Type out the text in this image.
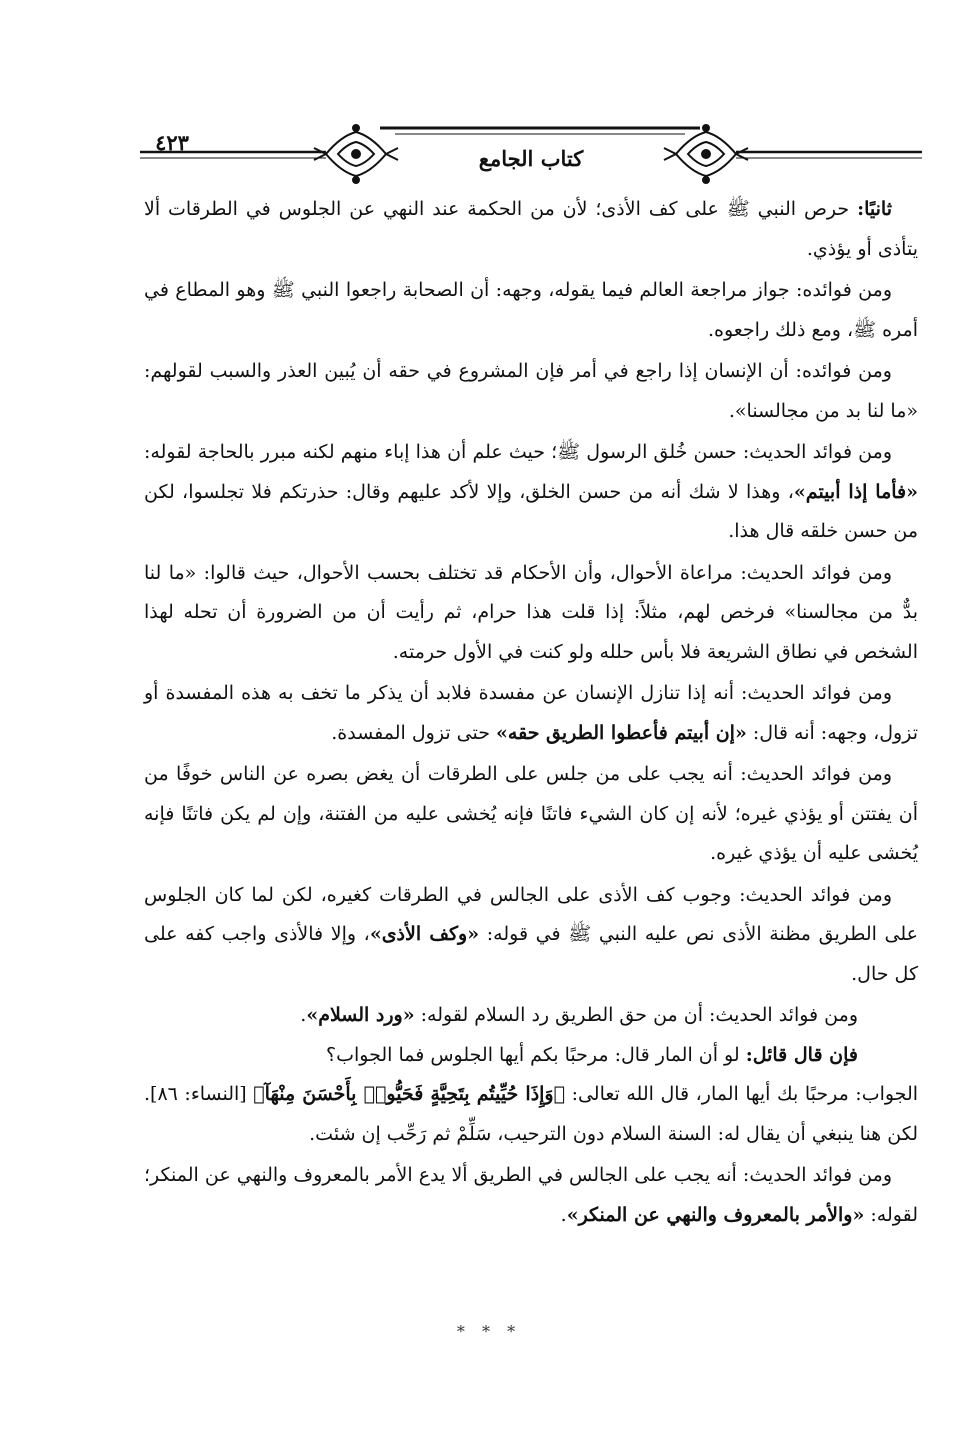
كتاب الجامع
٤٢٣

ثانيًا: حرص النبي ﷺ على كف الأذى؛ لأن من الحكمة عند النهي عن الجلوس في الطرقات ألا يتأذى أو يؤذي.

ومن فوائده: جواز مراجعة العالم فيما يقوله، وجهه: أن الصحابة راجعوا النبي ﷺ وهو المطاع في أمره ﷺ، ومع ذلك راجعوه.

ومن فوائده: أن الإنسان إذا راجع في أمر فإن المشروع في حقه أن يُبين العذر والسبب لقولهم: «ما لنا بد من مجالسنا».

ومن فوائد الحديث: حسن خُلق الرسول ﷺ؛ حيث علم أن هذا إباء منهم لكنه مبرر بالحاجة لقوله: «فأما إذا أبيتم»، وهذا لا شك أنه من حسن الخلق، وإلا لأكد عليهم وقال: حذرتكم فلا تجلسوا، لكن من حسن خلقه قال هذا.

ومن فوائد الحديث: مراعاة الأحوال، وأن الأحكام قد تختلف بحسب الأحوال، حيث قالوا: «ما لنا بدٌّ من مجالسنا» فرخص لهم، مثلاً: إذا قلت هذا حرام، ثم رأيت أن من الضرورة أن تحله لهذا الشخص في نطاق الشريعة فلا بأس حلله ولو كنت في الأول حرمته.

ومن فوائد الحديث: أنه إذا تنازل الإنسان عن مفسدة فلابد أن يذكر ما تخف به هذه المفسدة أو تزول، وجهه: أنه قال: «إن أبيتم فأعطوا الطريق حقه» حتى تزول المفسدة.

ومن فوائد الحديث: أنه يجب على من جلس على الطرقات أن يغض بصره عن الناس خوفًا من أن يفتتن أو يؤذي غيره؛ لأنه إن كان الشيء فاتنًا فإنه يُخشى عليه من الفتنة، وإن لم يكن فاتنًا فإنه يُخشى عليه أن يؤذي غيره.

ومن فوائد الحديث: وجوب كف الأذى على الجالس في الطرقات كغيره، لكن لما كان الجلوس على الطريق مظنة الأذى نص عليه النبي ﷺ في قوله: «وكف الأذى»، وإلا فالأذى واجب كفه على كل حال.

ومن فوائد الحديث: أن من حق الطريق رد السلام لقوله: «ورد السلام».

فإن قال قائل: لو أن المار قال: مرحبًا بكم أيها الجلوس فما الجواب؟

الجواب: مرحبًا بك أيها المار، قال الله تعالى: ﴿وَإِذَا حُيِّيتُم بِتَحِيَّةٍ فَحَيُّوا۟ بِأَحْسَنَ مِنْهَآ﴾ [النساء: ٨٦]. لكن هنا ينبغي أن يقال له: السنة السلام دون الترحيب، سَلِّمْ ثم رَحِّب إن شئت.

ومن فوائد الحديث: أنه يجب على الجالس في الطريق ألا يدع الأمر بالمعروف والنهي عن المنكر؛ لقوله: «والأمر بالمعروف والنهي عن المنكر».

* * *
